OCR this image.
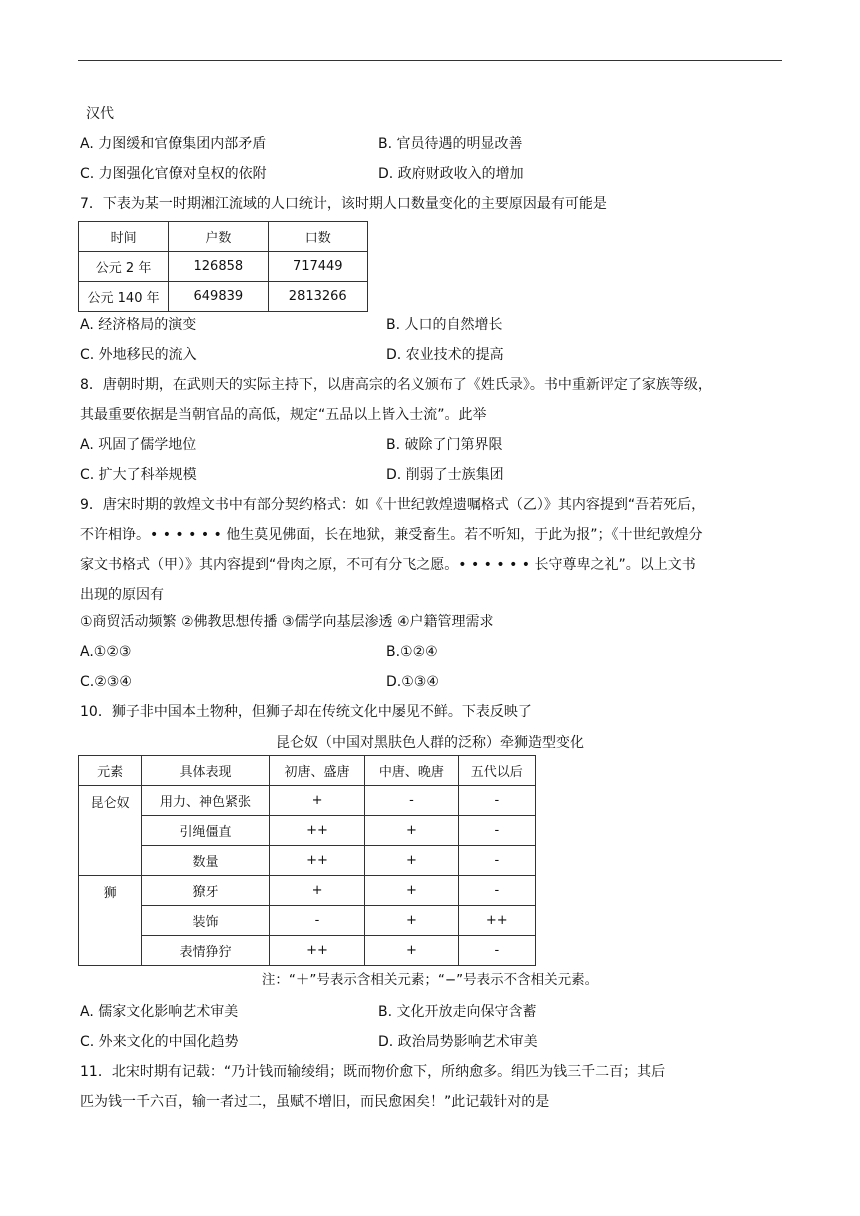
汉代
A. 力图缓和官僚集团内部矛盾	B. 官员待遇的明显改善
C. 力图强化官僚对皇权的依附	D. 政府财政收入的增加
7．下表为某一时期湘江流域的人口统计，该时期人口数量变化的主要原因最有可能是
时间	户数	口数
公元 2 年	126858	717449
公元 140 年	649839	2813266
A. 经济格局的演变	B. 人口的自然增长
C. 外地移民的流入	D. 农业技术的提高
8．唐朝时期，在武则天的实际主持下，以唐高宗的名义颁布了《姓氏录》。书中重新评定了家族等级，
其最重要依据是当朝官品的高低，规定“五品以上皆入士流”。此举
A. 巩固了儒学地位	B. 破除了门第界限
C. 扩大了科举规模	D. 削弱了士族集团
9．唐宋时期的敦煌文书中有部分契约格式：如《十世纪敦煌遗嘱格式（乙）》其内容提到“吾若死后，
不许相诤。• • • • • • 他生莫见佛面，长在地狱，兼受畜生。若不听知，于此为报”；《十世纪敦煌分
家文书格式（甲）》其内容提到“骨肉之原，不可有分飞之愿。• • • • • • 长守尊卑之礼”。以上文书
出现的原因有
①商贸活动频繁 ②佛教思想传播 ③儒学向基层渗透 ④户籍管理需求
A.①②③	B.①②④
C.②③④	D.①③④
10．狮子非中国本土物种，但狮子却在传统文化中屡见不鲜。下表反映了
昆仑奴（中国对黑肤色人群的泛称）牵狮造型变化
元素	具体表现	初唐、盛唐	中唐、晚唐	五代以后
昆仑奴	用力、神色紧张	+	-	-
	引绳僵直	++	+	-
	数量	++	+	-
狮	獠牙	+	+	-
	装饰	-	+	++
	表情狰狞	++	+	-
注：“＋”号表示含相关元素；“−”号表示不含相关元素。
A. 儒家文化影响艺术审美	B. 文化开放走向保守含蓄
C. 外来文化的中国化趋势	D. 政治局势影响艺术审美
11．北宋时期有记载：“乃计钱而输绫绢；既而物价愈下，所纳愈多。绢匹为钱三千二百；其后
匹为钱一千六百，输一者过二，虽赋不增旧，而民愈困矣！”此记载针对的是
